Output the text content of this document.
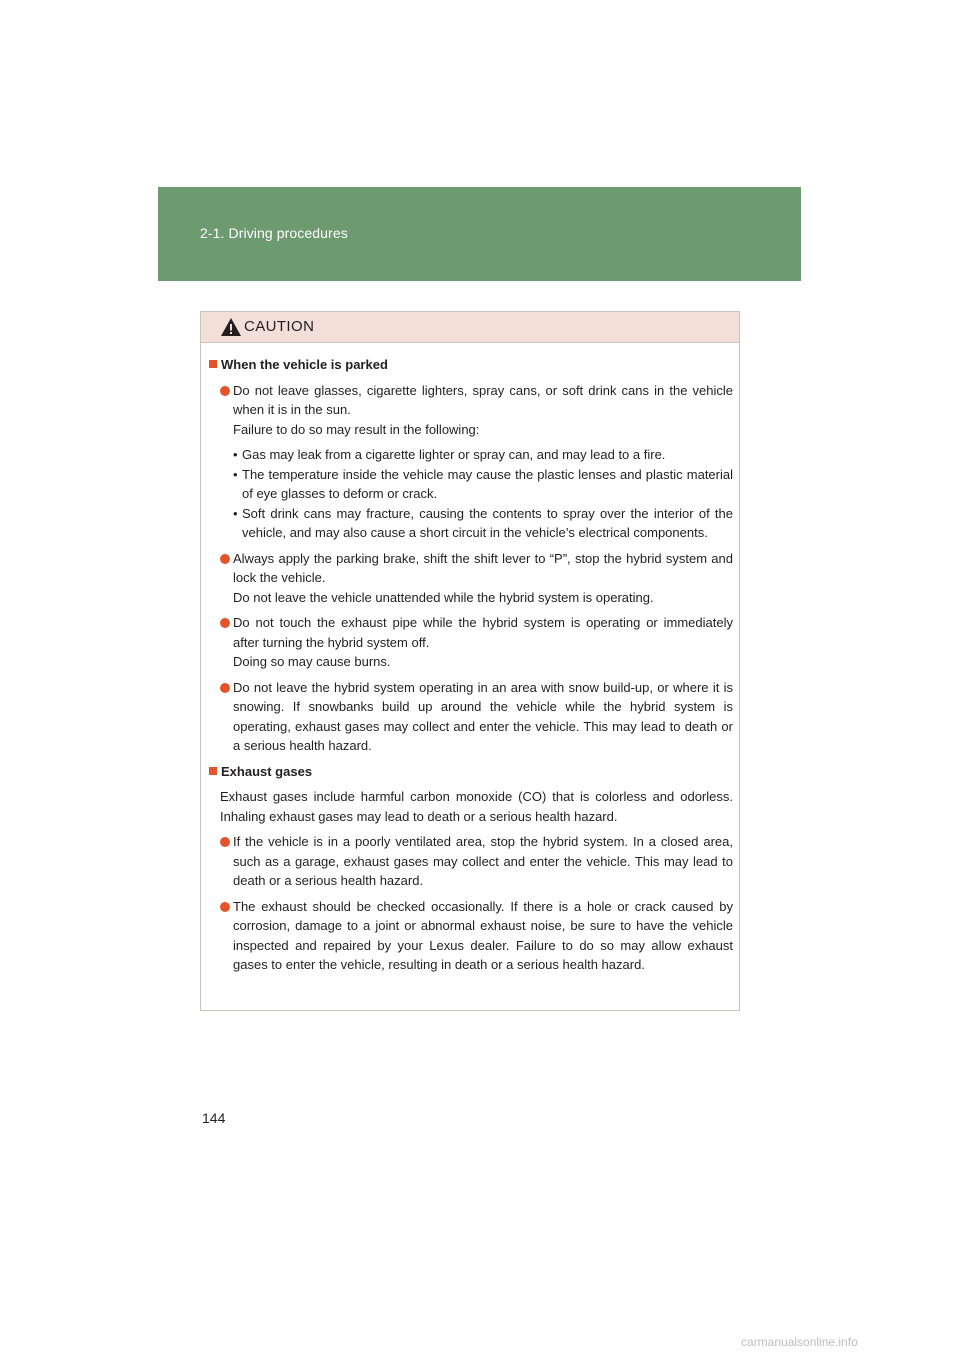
2-1. Driving procedures
CAUTION

When the vehicle is parked

Do not leave glasses, cigarette lighters, spray cans, or soft drink cans in the vehicle when it is in the sun.
Failure to do so may result in the following:
• Gas may leak from a cigarette lighter or spray can, and may lead to a fire.
• The temperature inside the vehicle may cause the plastic lenses and plastic material of eye glasses to deform or crack.
• Soft drink cans may fracture, causing the contents to spray over the interior of the vehicle, and may also cause a short circuit in the vehicle’s electrical components.
Always apply the parking brake, shift the shift lever to “P”, stop the hybrid system and lock the vehicle.
Do not leave the vehicle unattended while the hybrid system is operating.
Do not touch the exhaust pipe while the hybrid system is operating or immediately after turning the hybrid system off.
Doing so may cause burns.
Do not leave the hybrid system operating in an area with snow build-up, or where it is snowing. If snowbanks build up around the vehicle while the hybrid system is operating, exhaust gases may collect and enter the vehicle. This may lead to death or a serious health hazard.

Exhaust gases

Exhaust gases include harmful carbon monoxide (CO) that is colorless and odorless. Inhaling exhaust gases may lead to death or a serious health hazard.

If the vehicle is in a poorly ventilated area, stop the hybrid system. In a closed area, such as a garage, exhaust gases may collect and enter the vehicle. This may lead to death or a serious health hazard.
The exhaust should be checked occasionally. If there is a hole or crack caused by corrosion, damage to a joint or abnormal exhaust noise, be sure to have the vehicle inspected and repaired by your Lexus dealer. Failure to do so may allow exhaust gases to enter the vehicle, resulting in death or a serious health hazard.
144
carmanualsonline.info
